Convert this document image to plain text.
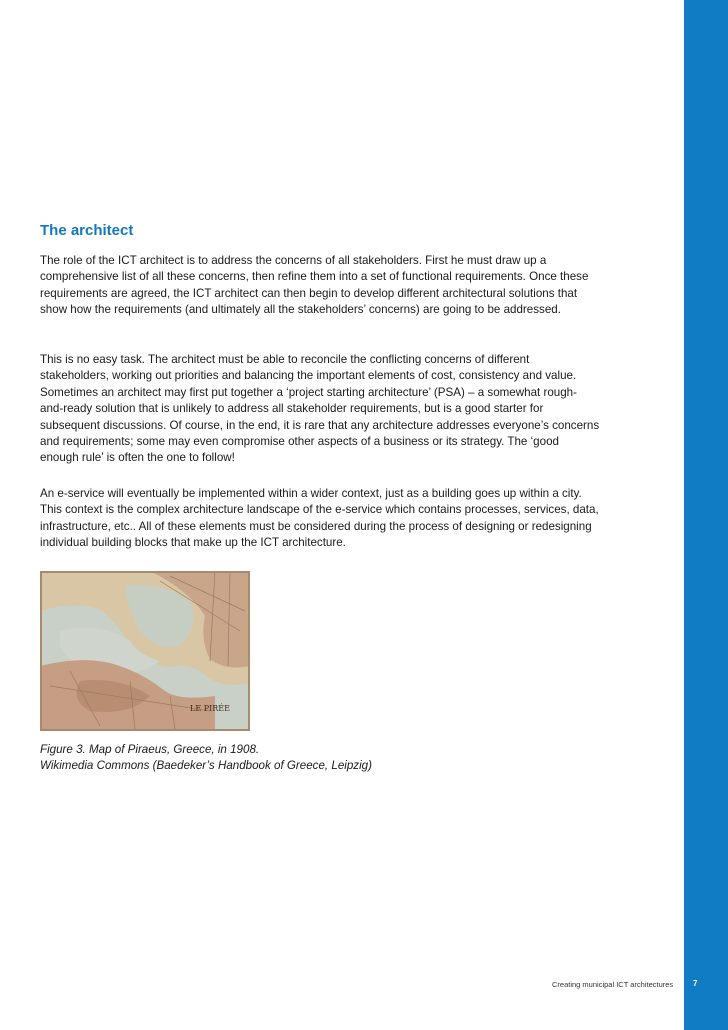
The architect

The role of the ICT architect is to address the concerns of all stakeholders. First he must draw up a comprehensive list of all these concerns, then refine them into a set of functional requirements. Once these requirements are agreed, the ICT architect can then begin to develop different architectural solutions that show how the requirements (and ultimately all the stakeholders’ concerns) are going to be addressed.

This is no easy task. The architect must be able to reconcile the conflicting concerns of different stakeholders, working out priorities and balancing the important elements of cost, consistency and value. Sometimes an architect may first put together a ‘project starting architecture’ (PSA) – a somewhat rough-and-ready solution that is unlikely to address all stakeholder requirements, but is a good starter for subsequent discussions. Of course, in the end, it is rare that any architecture addresses everyone’s concerns and requirements; some may even compromise other aspects of a business or its strategy. The ‘good enough rule’ is often the one to follow!

An e-service will eventually be implemented within a wider context, just as a building goes up within a city. This context is the complex architecture landscape of the e-service which contains processes, services, data, infrastructure, etc.. All of these elements must be considered during the process of designing or redesigning individual building blocks that make up the ICT architecture.

LE PIRÉE

Figure 3. Map of Piraeus, Greece, in 1908.
Wikimedia Commons (Baedeker’s Handbook of Greece, Leipzig)

Creating municipal ICT architectures 7
